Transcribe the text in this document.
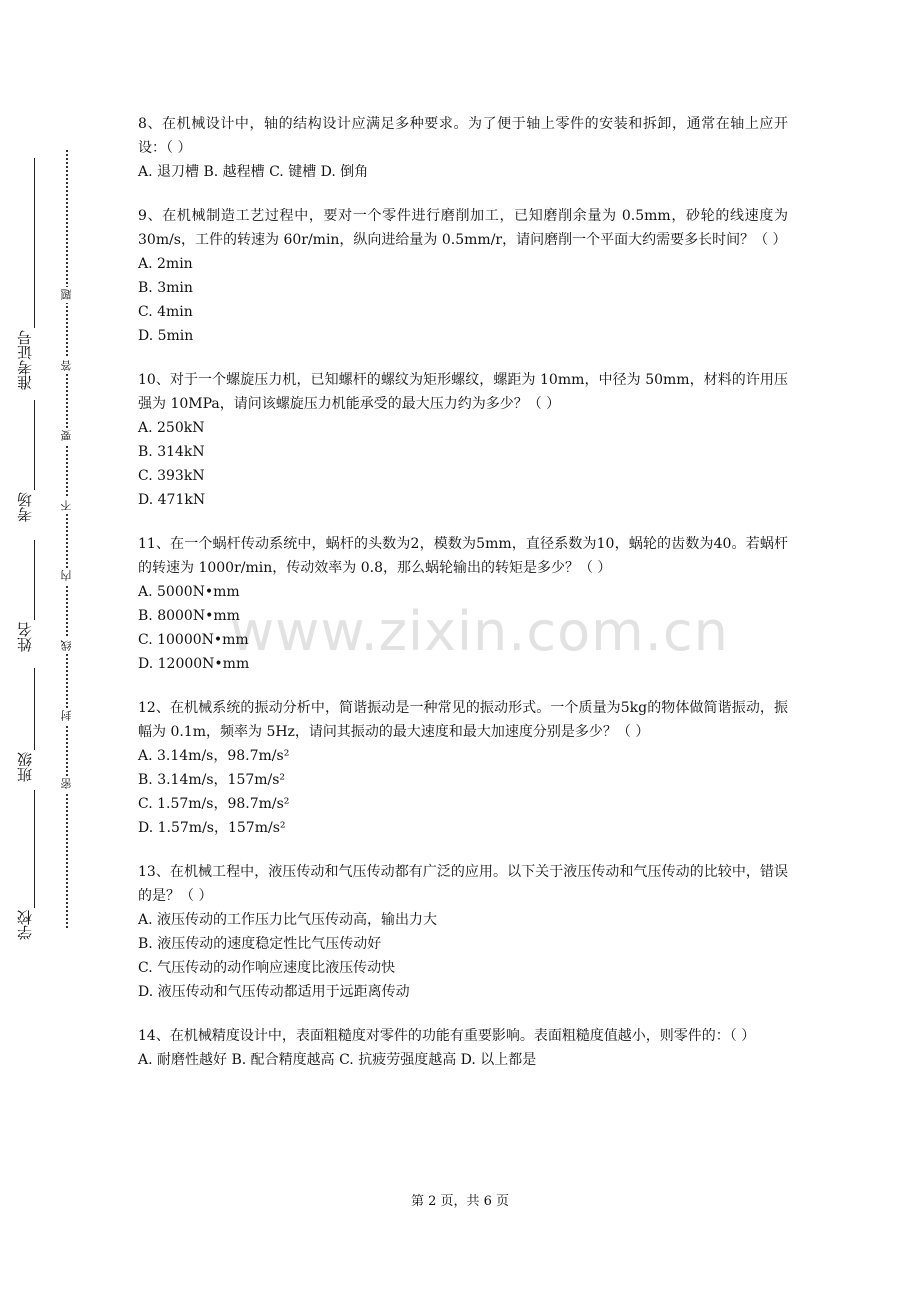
准考证号
考场
姓名
班级
学校
题
答
要
不
内
线
封
密
www.zixin.com.cn

8、在机械设计中，轴的结构设计应满足多种要求。为了便于轴上零件的安装和拆卸，通常在轴上应开设：（ ）

A. 退刀槽 B. 越程槽 C. 键槽 D. 倒角

9、在机械制造工艺过程中，要对一个零件进行磨削加工，已知磨削余量为 0.5mm，砂轮的线速度为 30m/s，工件的转速为 60r/min，纵向进给量为 0.5mm/r，请问磨削一个平面大约需要多长时间？（ ）

A. 2min
B. 3min
C. 4min
D. 5min

10、对于一个螺旋压力机，已知螺杆的螺纹为矩形螺纹，螺距为 10mm，中径为 50mm，材料的许用压强为 10MPa，请问该螺旋压力机能承受的最大压力约为多少？（ ）

A. 250kN
B. 314kN
C. 393kN
D. 471kN

11、在一个蜗杆传动系统中，蜗杆的头数为2，模数为5mm，直径系数为10，蜗轮的齿数为40。若蜗杆的转速为 1000r/min，传动效率为 0.8，那么蜗轮输出的转矩是多少？（ ）

A. 5000N•mm
B. 8000N•mm
C. 10000N•mm
D. 12000N•mm

12、在机械系统的振动分析中，简谐振动是一种常见的振动形式。一个质量为5kg的物体做简谐振动，振幅为 0.1m，频率为 5Hz，请问其振动的最大速度和最大加速度分别是多少？（ ）

A. 3.14m/s，98.7m/s²
B. 3.14m/s，157m/s²
C. 1.57m/s，98.7m/s²
D. 1.57m/s，157m/s²

13、在机械工程中，液压传动和气压传动都有广泛的应用。以下关于液压传动和气压传动的比较中，错误的是？（ ）

A. 液压传动的工作压力比气压传动高，输出力大
B. 液压传动的速度稳定性比气压传动好
C. 气压传动的动作响应速度比液压传动快
D. 液压传动和气压传动都适用于远距离传动

14、在机械精度设计中，表面粗糙度对零件的功能有重要影响。表面粗糙度值越小，则零件的：（ ）

A. 耐磨性越好 B. 配合精度越高 C. 抗疲劳强度越高 D. 以上都是
第 2 页，共 6 页
